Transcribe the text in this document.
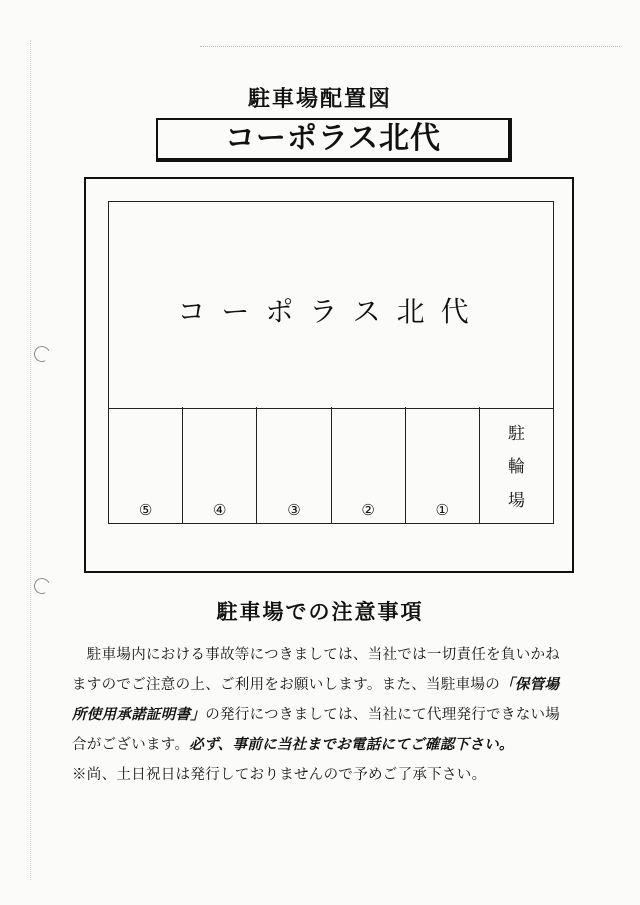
駐車場配置図
コーポラス北代
コーポラス北代
⑤	④	③	②	①
駐
輪
場
駐車場での注意事項

　駐車場内における事故等につきましては、当社では一切責任を負いかねますのでご注意の上、ご利用をお願いします。また、当駐車場の「保管場所使用承諾証明書」の発行につきましては、当社にて代理発行できない場合がございます。必ず、事前に当社までお電話にてご確認下さい。

※尚、土日祝日は発行しておりませんので予めご了承下さい。
